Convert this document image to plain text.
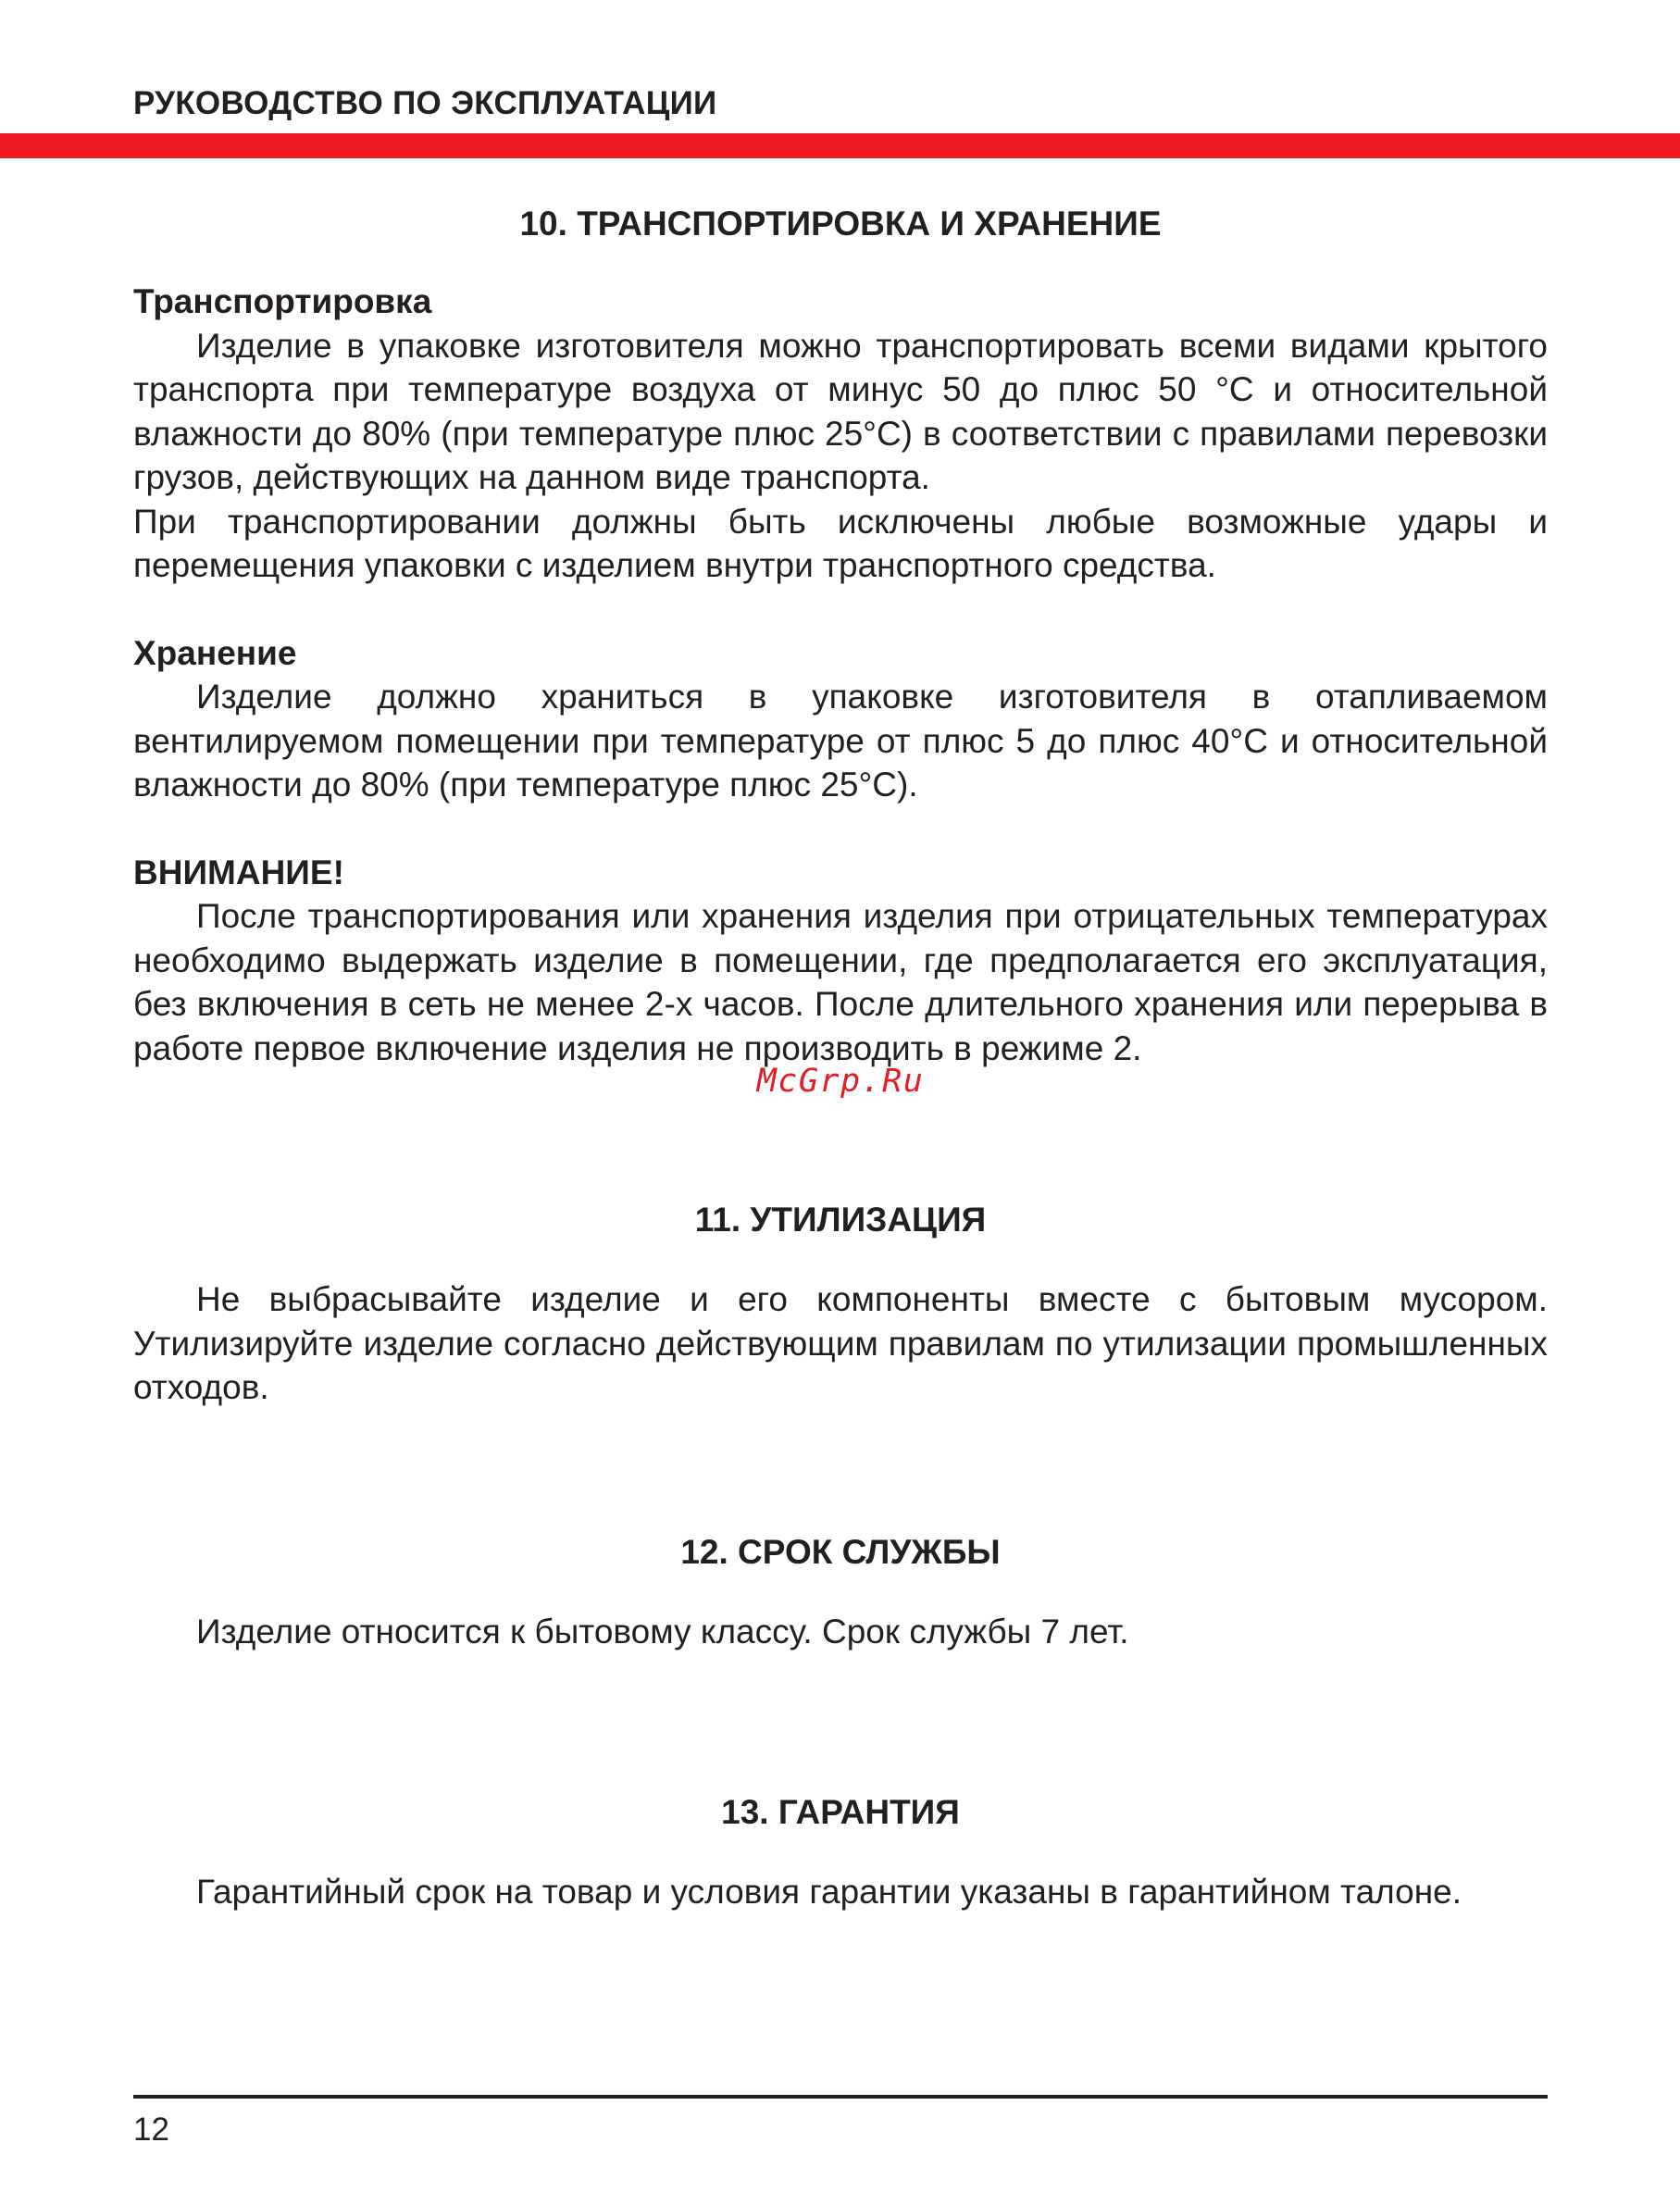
РУКОВОДСТВО ПО ЭКСПЛУАТАЦИИ
10. ТРАНСПОРТИРОВКА И ХРАНЕНИЕ
Транспортировка

Изделие в упаковке изготовителя можно транспортировать всеми видами крытого транспорта при температуре воздуха от минус 50 до плюс 50 °С и относительной влажности до 80% (при температуре плюс 25°С) в соответствии с правилами перевозки грузов, действующих на данном виде транспорта.

При транспортировании должны быть исключены любые возможные удары и перемещения упаковки с изделием внутри транспортного средства.

Хранение

Изделие должно храниться в упаковке изготовителя в отапливаемом вентилируемом помещении при температуре от плюс 5 до плюс 40°С и относительной влажности до 80% (при температуре плюс 25°С).

ВНИМАНИЕ!

После транспортирования или хранения изделия при отрицательных температурах необходимо выдержать изделие в помещении, где предполагается его эксплуатация, без включения в сеть не менее 2-х часов. После длительного хранения или перерыва в работе первое включение изделия не производить в режиме 2.

McGrp.Ru
11. УТИЛИЗАЦИЯ

Не выбрасывайте изделие и его компоненты вместе с бытовым мусором. Утилизируйте изделие согласно действующим правилам по утилизации промышленных отходов.

12. СРОК СЛУЖБЫ

Изделие относится к бытовому классу. Срок службы 7 лет.

13. ГАРАНТИЯ

Гарантийный срок на товар и условия гарантии указаны в гарантийном талоне.

12
